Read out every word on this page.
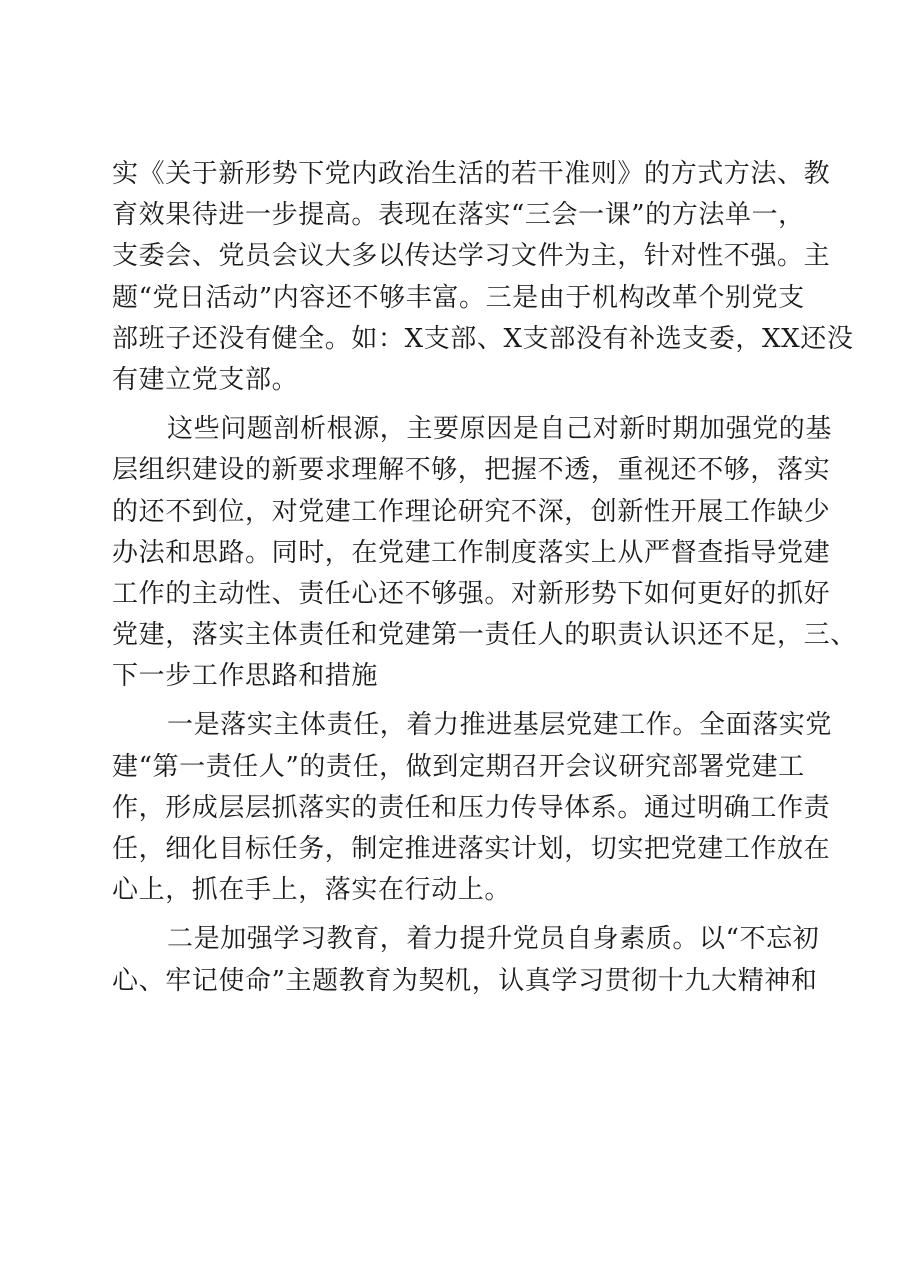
实《关于新形势下党内政治生活的若干准则》的方式方法、教
育效果待进一步提高。表现在落实“三会一课”的方法单一，
支委会、党员会议大多以传达学习文件为主，针对性不强。主
题“党日活动”内容还不够丰富。三是由于机构改革个别党支
部班子还没有健全。如：X支部、X支部没有补选支委，XX还没
有建立党支部。
这些问题剖析根源，主要原因是自己对新时期加强党的基
层组织建设的新要求理解不够，把握不透，重视还不够，落实
的还不到位，对党建工作理论研究不深，创新性开展工作缺少
办法和思路。同时，在党建工作制度落实上从严督查指导党建
工作的主动性、责任心还不够强。对新形势下如何更好的抓好
党建，落实主体责任和党建第一责任人的职责认识还不足，三、
下一步工作思路和措施
一是落实主体责任，着力推进基层党建工作。全面落实党
建“第一责任人”的责任，做到定期召开会议研究部署党建工
作，形成层层抓落实的责任和压力传导体系。通过明确工作责
任，细化目标任务，制定推进落实计划，切实把党建工作放在
心上，抓在手上，落实在行动上。
二是加强学习教育，着力提升党员自身素质。以“不忘初
心、牢记使命”主题教育为契机，认真学习贯彻十九大精神和
